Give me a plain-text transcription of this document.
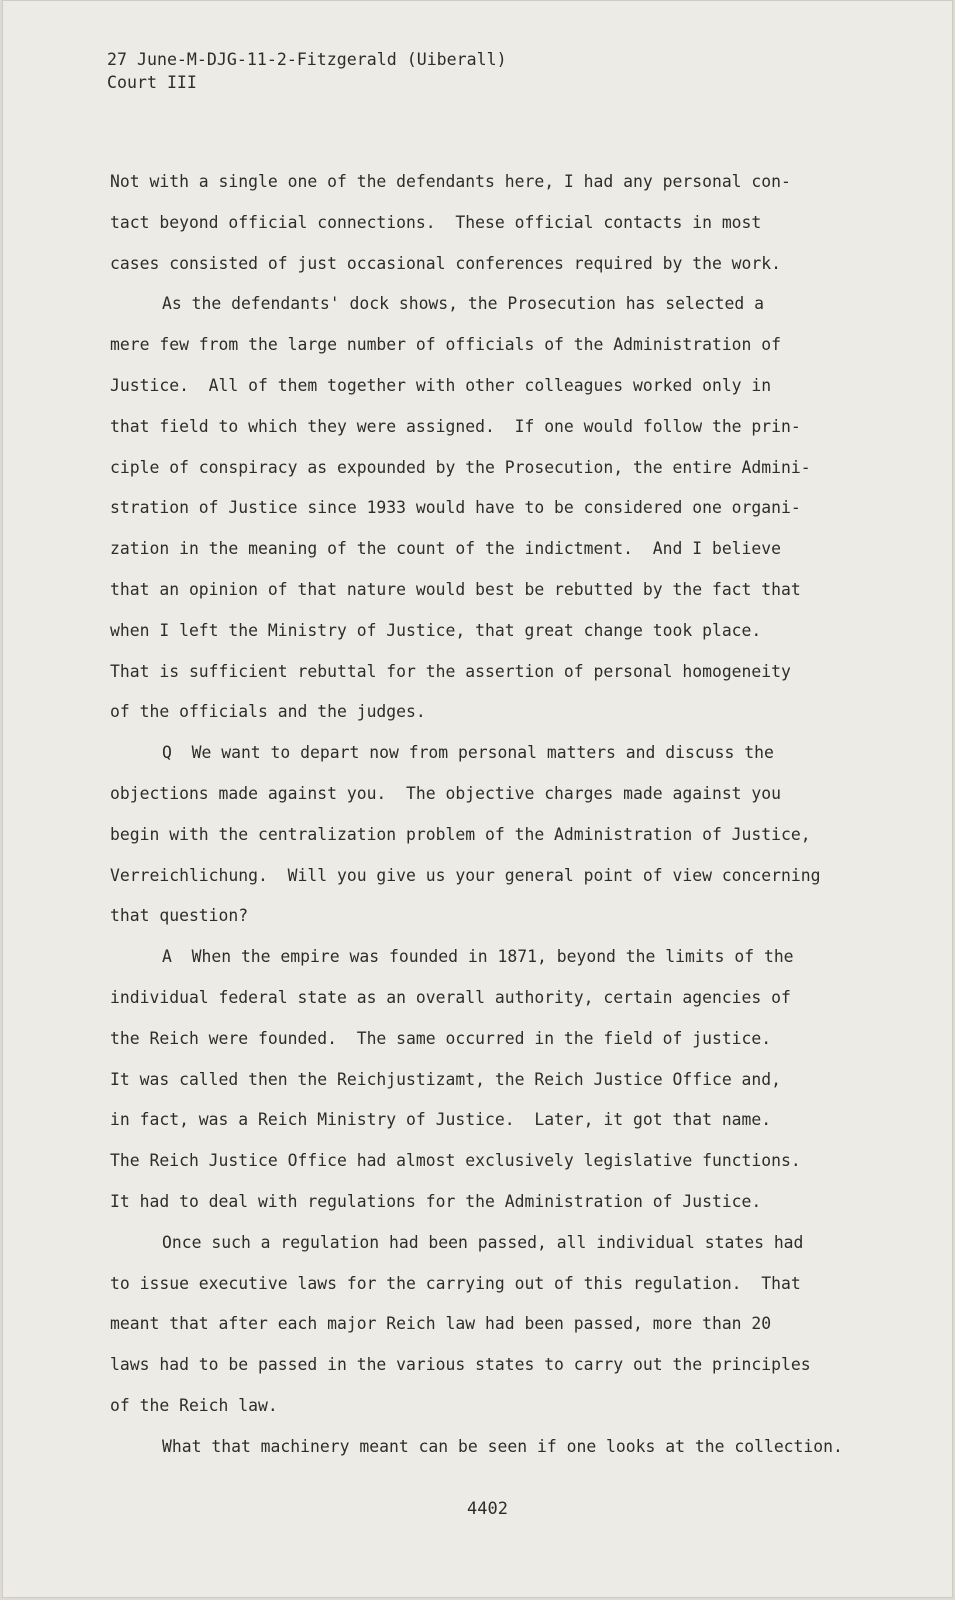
27 June-M-DJG-11-2-Fitzgerald (Uiberall)
Court III
Not with a single one of the defendants here, I had any personal con-
tact beyond official connections.  These official contacts in most
cases consisted of just occasional conferences required by the work.
As the defendants' dock shows, the Prosecution has selected a
mere few from the large number of officials of the Administration of
Justice.  All of them together with other colleagues worked only in
that field to which they were assigned.  If one would follow the prin-
ciple of conspiracy as expounded by the Prosecution, the entire Admini-
stration of Justice since 1933 would have to be considered one organi-
zation in the meaning of the count of the indictment.  And I believe
that an opinion of that nature would best be rebutted by the fact that
when I left the Ministry of Justice, that great change took place.
That is sufficient rebuttal for the assertion of personal homogeneity
of the officials and the judges.
Q  We want to depart now from personal matters and discuss the
objections made against you.  The objective charges made against you
begin with the centralization problem of the Administration of Justice,
Verreichlichung.  Will you give us your general point of view concerning
that question?
A  When the empire was founded in 1871, beyond the limits of the
individual federal state as an overall authority, certain agencies of
the Reich were founded.  The same occurred in the field of justice.
It was called then the Reichjustizamt, the Reich Justice Office and,
in fact, was a Reich Ministry of Justice.  Later, it got that name.
The Reich Justice Office had almost exclusively legislative functions.
It had to deal with regulations for the Administration of Justice.
Once such a regulation had been passed, all individual states had
to issue executive laws for the carrying out of this regulation.  That
meant that after each major Reich law had been passed, more than 20
laws had to be passed in the various states to carry out the principles
of the Reich law.
What that machinery meant can be seen if one looks at the collection.
4402
